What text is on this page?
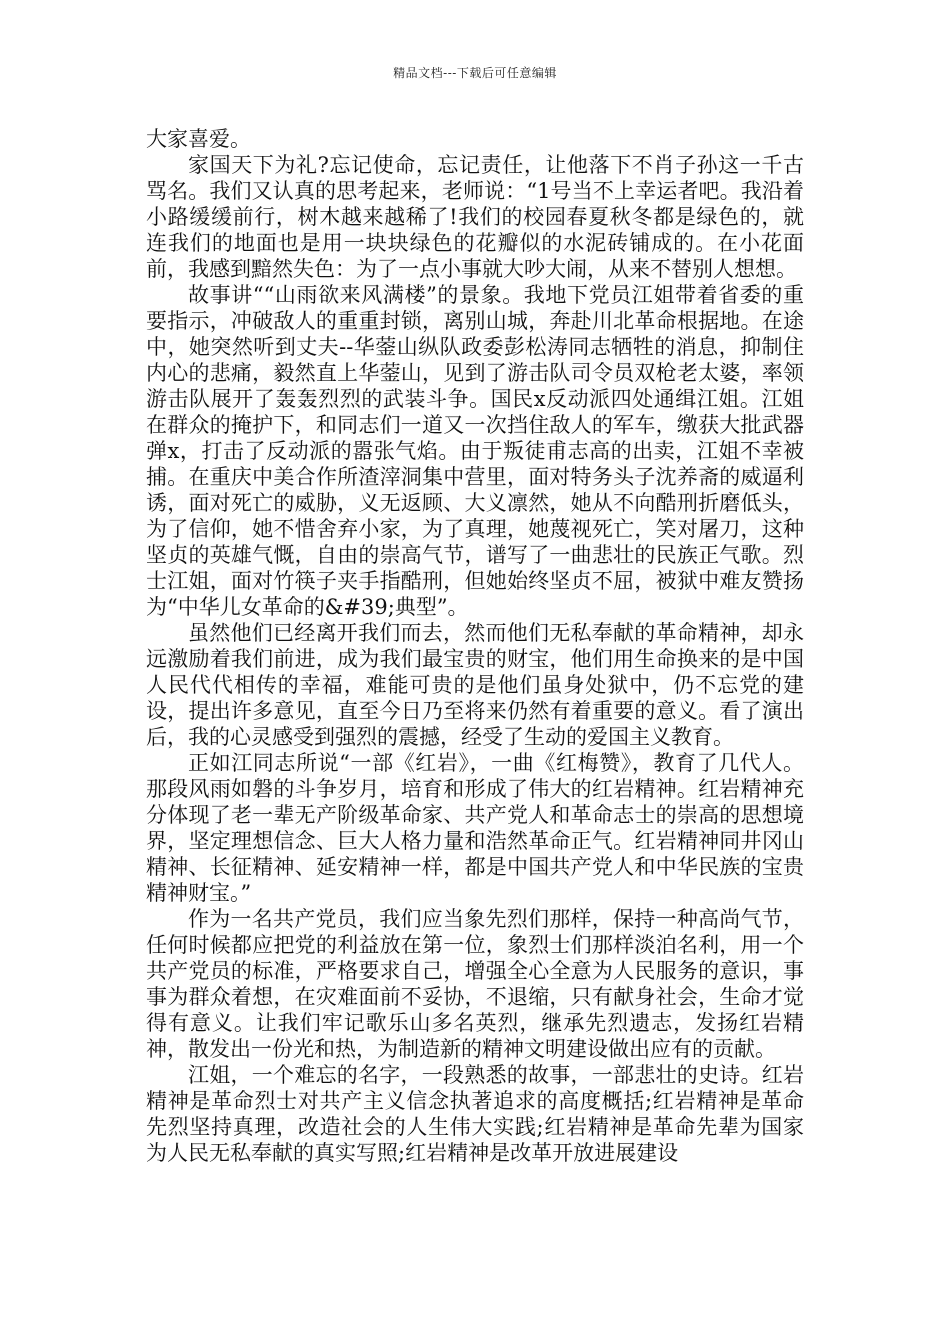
精品文档---下载后可任意编辑

大家喜爱。

家国天下为礼?忘记使命，忘记责任，让他落下不肖子孙这一千古骂名。我们又认真的思考起来，老师说：“1号当不上幸运者吧。我沿着小路缓缓前行，树木越来越稀了!我们的校园春夏秋冬都是绿色的，就连我们的地面也是用一块块绿色的花瓣似的水泥砖铺成的。在小花面前，我感到黯然失色：为了一点小事就大吵大闹，从来不替别人想想。

故事讲““山雨欲来风满楼”的景象。我地下党员江姐带着省委的重要指示，冲破敌人的重重封锁，离别山城，奔赴川北革命根据地。在途中，她突然听到丈夫--华蓥山纵队政委彭松涛同志牺牲的消息，抑制住内心的悲痛，毅然直上华蓥山，见到了游击队司令员双枪老太婆，率领游击队展开了轰轰烈烈的武装斗争。国民x反动派四处通缉江姐。江姐在群众的掩护下，和同志们一道又一次挡住敌人的军车，缴获大批武器弹x，打击了反动派的嚣张气焰。由于叛徒甫志高的出卖，江姐不幸被捕。在重庆中美合作所渣滓洞集中营里，面对特务头子沈养斋的威逼利诱，面对死亡的威胁，义无返顾、大义凛然，她从不向酷刑折磨低头，为了信仰，她不惜舍弃小家，为了真理，她蔑视死亡，笑对屠刀，这种坚贞的英雄气慨，自由的崇高气节，谱写了一曲悲壮的民族正气歌。烈士江姐，面对竹筷子夹手指酷刑，但她始终坚贞不屈，被狱中难友赞扬为“中华儿女革命的&#39;典型”。

虽然他们已经离开我们而去，然而他们无私奉献的革命精神，却永远激励着我们前进，成为我们最宝贵的财宝，他们用生命换来的是中国人民代代相传的幸福，难能可贵的是他们虽身处狱中，仍不忘党的建设，提出许多意见，直至今日乃至将来仍然有着重要的意义。看了演出后，我的心灵感受到强烈的震撼，经受了生动的爱国主义教育。

正如江同志所说“一部《红岩》，一曲《红梅赞》，教育了几代人。那段风雨如磐的斗争岁月，培育和形成了伟大的红岩精神。红岩精神充分体现了老一辈无产阶级革命家、共产党人和革命志士的崇高的思想境界，坚定理想信念、巨大人格力量和浩然革命正气。红岩精神同井冈山精神、长征精神、延安精神一样，都是中国共产党人和中华民族的宝贵精神财宝。”

作为一名共产党员，我们应当象先烈们那样，保持一种高尚气节，任何时候都应把党的利益放在第一位，象烈士们那样淡泊名利，用一个共产党员的标准，严格要求自己，增强全心全意为人民服务的意识，事事为群众着想，在灾难面前不妥协，不退缩，只有献身社会，生命才觉得有意义。让我们牢记歌乐山多名英烈，继承先烈遗志，发扬红岩精神，散发出一份光和热，为制造新的精神文明建设做出应有的贡献。

江姐，一个难忘的名字，一段熟悉的故事，一部悲壮的史诗。红岩精神是革命烈士对共产主义信念执著追求的高度概括;红岩精神是革命先烈坚持真理，改造社会的人生伟大实践;红岩精神是革命先辈为国家为人民无私奉献的真实写照;红岩精神是改革开放进展建设
